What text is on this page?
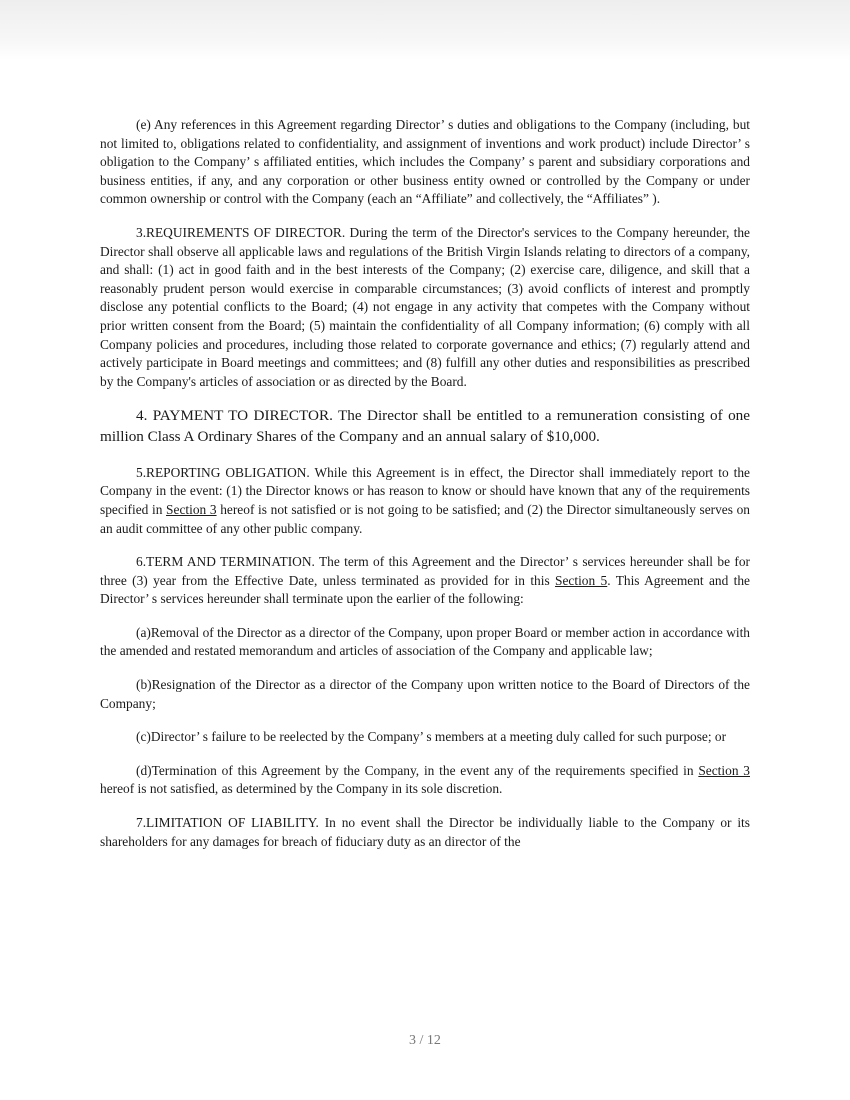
(e) Any references in this Agreement regarding Director’ s duties and obligations to the Company (including, but not limited to, obligations related to confidentiality, and assignment of inventions and work product) include Director’ s obligation to the Company’ s affiliated entities, which includes the Company’ s parent and subsidiary corporations and business entities, if any, and any corporation or other business entity owned or controlled by the Company or under common ownership or control with the Company (each an “Affiliate” and collectively, the “Affiliates” ).

3.REQUIREMENTS OF DIRECTOR. During the term of the Director's services to the Company hereunder, the Director shall observe all applicable laws and regulations of the British Virgin Islands relating to directors of a company, and shall: (1) act in good faith and in the best interests of the Company; (2) exercise care, diligence, and skill that a reasonably prudent person would exercise in comparable circumstances; (3) avoid conflicts of interest and promptly disclose any potential conflicts to the Board; (4) not engage in any activity that competes with the Company without prior written consent from the Board; (5) maintain the confidentiality of all Company information; (6) comply with all Company policies and procedures, including those related to corporate governance and ethics; (7) regularly attend and actively participate in Board meetings and committees; and (8) fulfill any other duties and responsibilities as prescribed by the Company's articles of association or as directed by the Board.

4. PAYMENT TO DIRECTOR. The Director shall be entitled to a remuneration consisting of one million Class A Ordinary Shares of the Company and an annual salary of $10,000.

5.REPORTING OBLIGATION. While this Agreement is in effect, the Director shall immediately report to the Company in the event: (1) the Director knows or has reason to know or should have known that any of the requirements specified in Section 3 hereof is not satisfied or is not going to be satisfied; and (2) the Director simultaneously serves on an audit committee of any other public company.

6.TERM AND TERMINATION. The term of this Agreement and the Director’ s services hereunder shall be for three (3) year from the Effective Date, unless terminated as provided for in this Section 5. This Agreement and the Director’ s services hereunder shall terminate upon the earlier of the following:

(a)Removal of the Director as a director of the Company, upon proper Board or member action in accordance with the amended and restated memorandum and articles of association of the Company and applicable law;

(b)Resignation of the Director as a director of the Company upon written notice to the Board of Directors of the Company;

(c)Director’ s failure to be reelected by the Company’ s members at a meeting duly called for such purpose; or

(d)Termination of this Agreement by the Company, in the event any of the requirements specified in Section 3 hereof is not satisfied, as determined by the Company in its sole discretion.

7.LIMITATION OF LIABILITY. In no event shall the Director be individually liable to the Company or its shareholders for any damages for breach of fiduciary duty as an director of the

3 / 12
